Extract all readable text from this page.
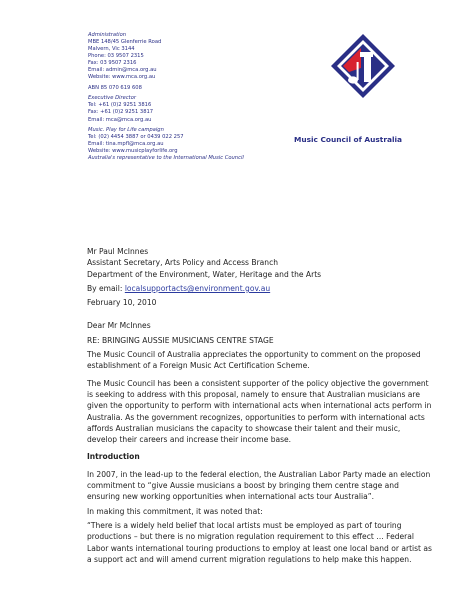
Administration
MBE 148/45 Glenferrie Road
Malvern, Vic 3144
Phone: 03 9507 2315
Fax: 03 9507 2316
Email: admin@mca.org.au
Website: www.mca.org.au
ABN 85 070 619 608
Executive Director
Tel: +61 (0)2 9251 3816
Fax: +61 (0)2 9251 3817
Email: mca@mca.org.au
Music. Play for Life campaign
Tel: (02) 4454 3887 or 0439 022 257
Email: tina.mpfl@mca.org.au
Website: www.musicplayforlife.org
Australia's representative to the International Music Council
Music Council of Australia

Mr Paul McInnes

Assistant Secretary, Arts Policy and Access Branch

Department of the Environment, Water, Heritage and the Arts

By email: localsupportacts@environment.gov.au

February 10, 2010

Dear Mr McInnes

RE: BRINGING AUSSIE MUSICIANS CENTRE STAGE

The Music Council of Australia appreciates the opportunity to comment on the proposed establishment of a Foreign Music Act Certification Scheme.

The Music Council has been a consistent supporter of the policy objective the government is seeking to address with this proposal, namely to ensure that Australian musicians are given the opportunity to perform with international acts when international acts perform in Australia. As the government recognizes, opportunities to perform with international acts affords Australian musicians the capacity to showcase their talent and their music, develop their careers and increase their income base.

Introduction

In 2007, in the lead-up to the federal election, the Australian Labor Party made an election commitment to “give Aussie musicians a boost by bringing them centre stage and ensuring new working opportunities when international acts tour Australia”.

In making this commitment, it was noted that:

“There is a widely held belief that local artists must be employed as part of touring productions – but there is no migration regulation requirement to this effect … Federal Labor wants international touring productions to employ at least one local band or artist as a support act and will amend current migration regulations to help make this happen.
